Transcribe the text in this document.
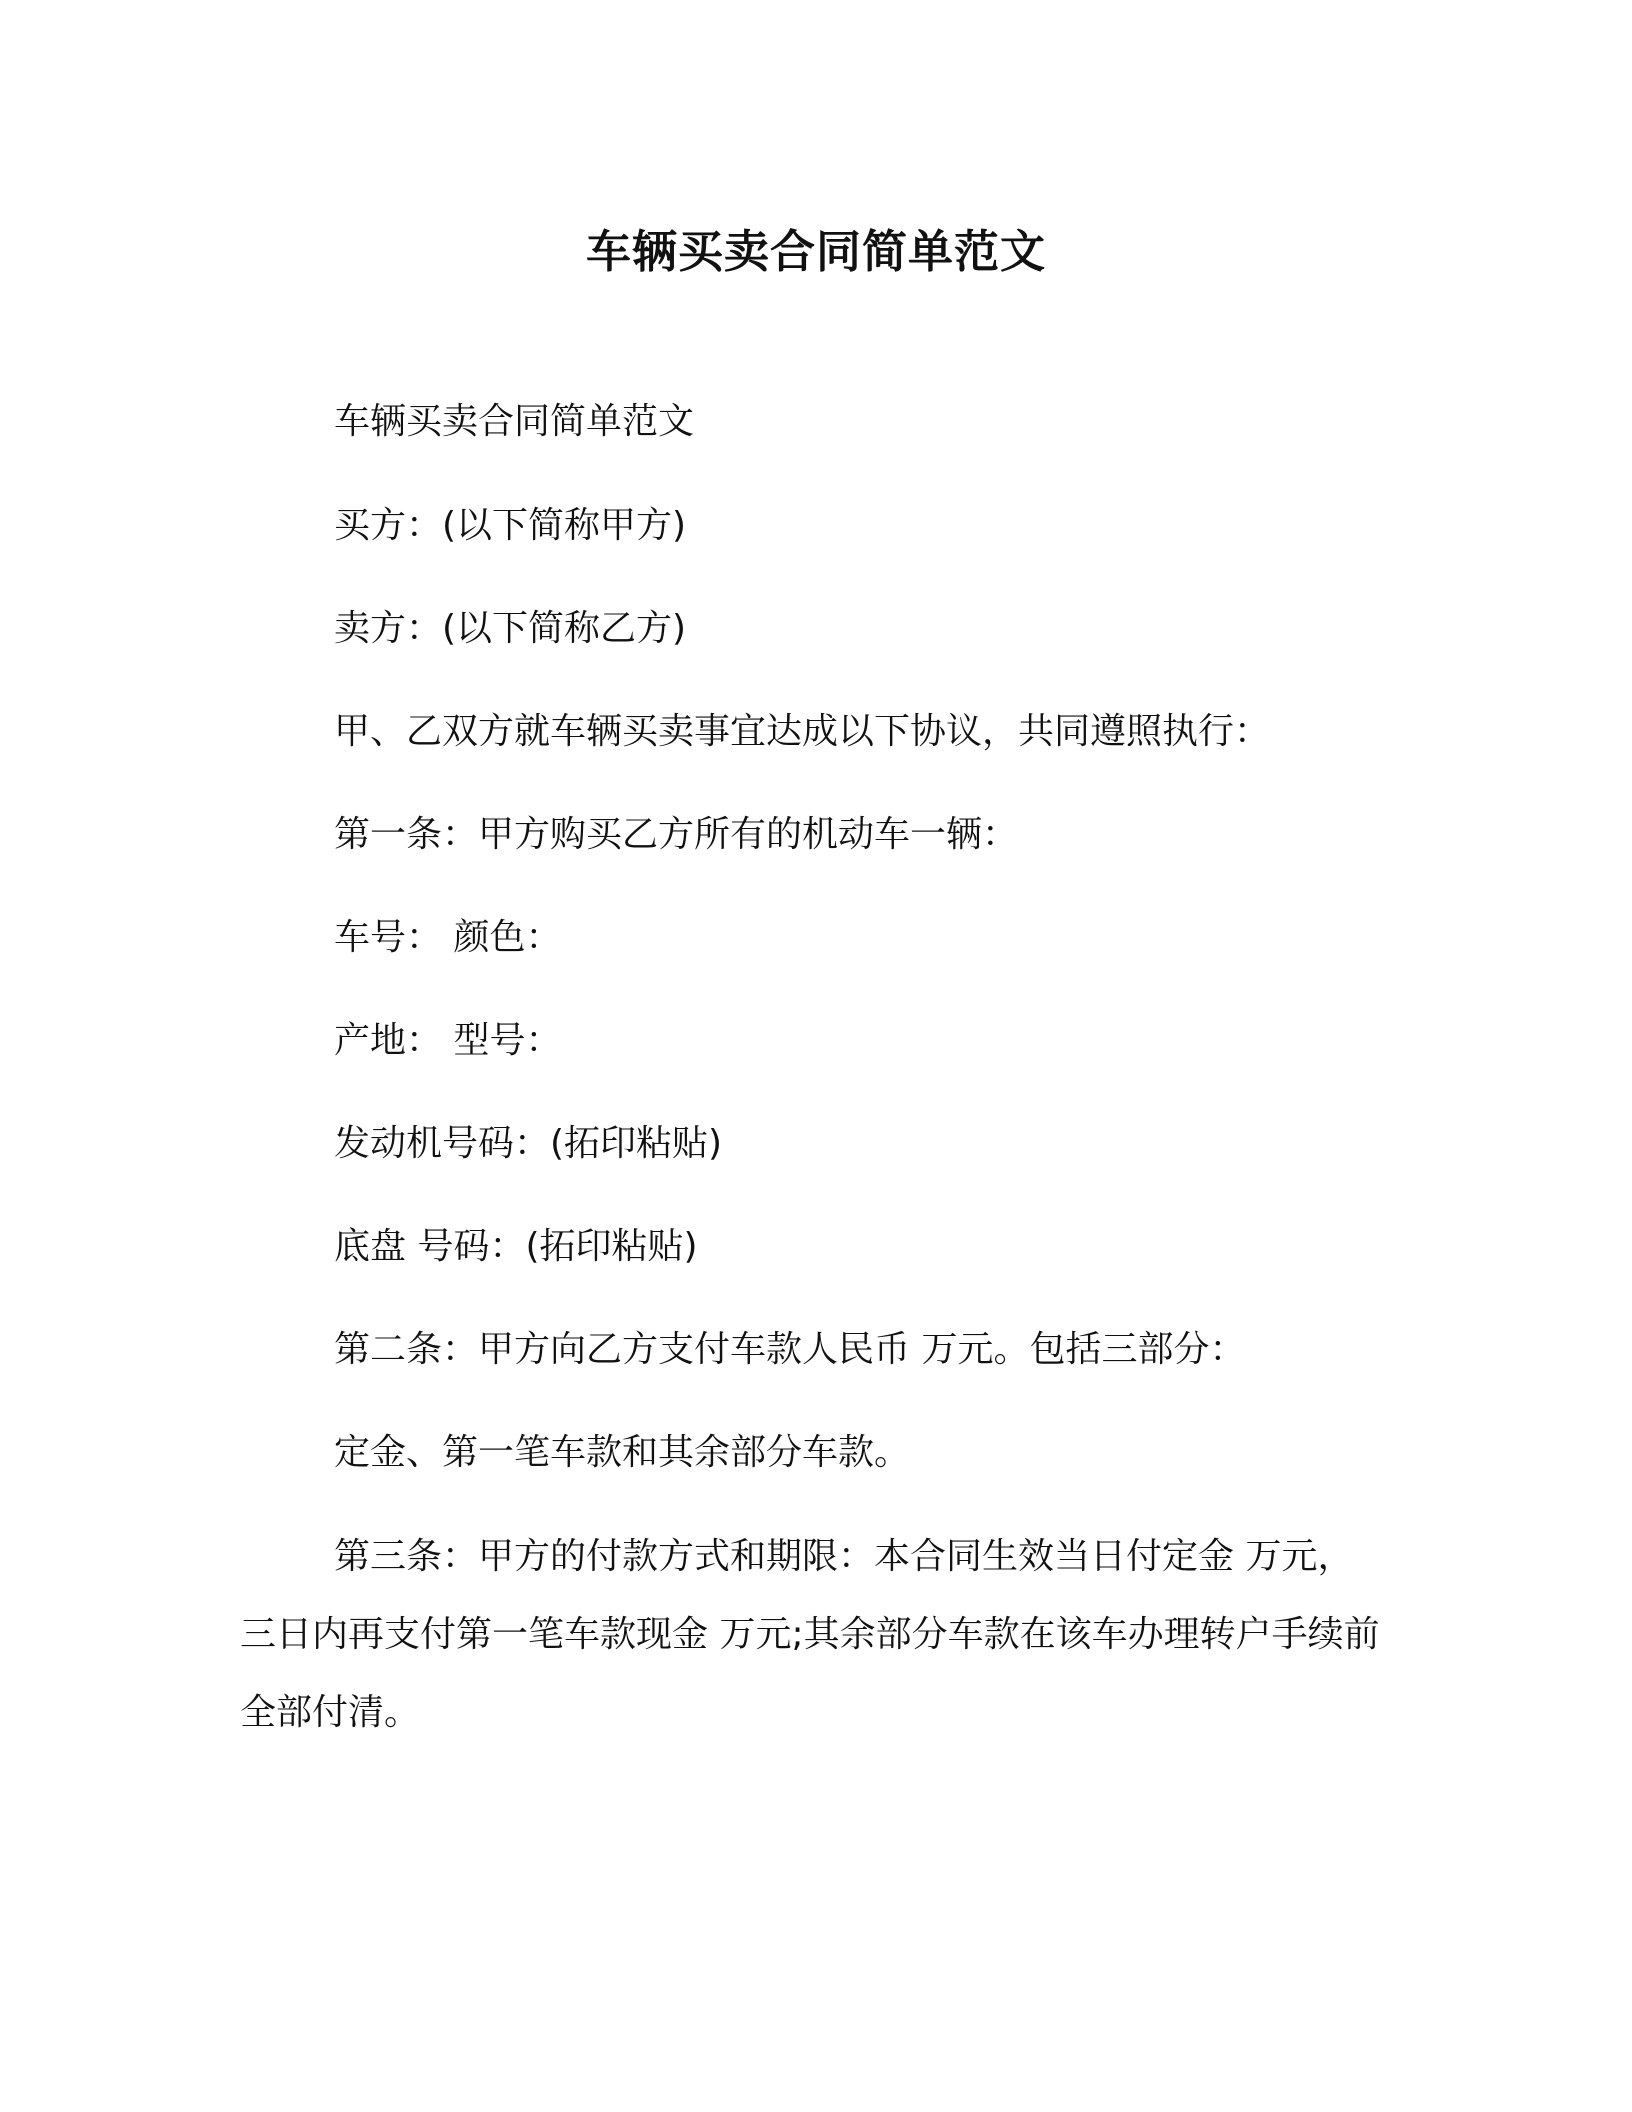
车辆买卖合同简单范文

车辆买卖合同简单范文

买方：(以下简称甲方)

卖方：(以下简称乙方)

甲、乙双方就车辆买卖事宜达成以下协议，共同遵照执行：

第一条：甲方购买乙方所有的机动车一辆：

车号： 颜色：

产地： 型号：

发动机号码：(拓印粘贴)

底盘 号码：(拓印粘贴)

第二条：甲方向乙方支付车款人民币 万元。包括三部分：

定金、第一笔车款和其余部分车款。

第三条：甲方的付款方式和期限：本合同生效当日付定金 万元，三日内再支付第一笔车款现金 万元;其余部分车款在该车办理转户手续前全部付清。
